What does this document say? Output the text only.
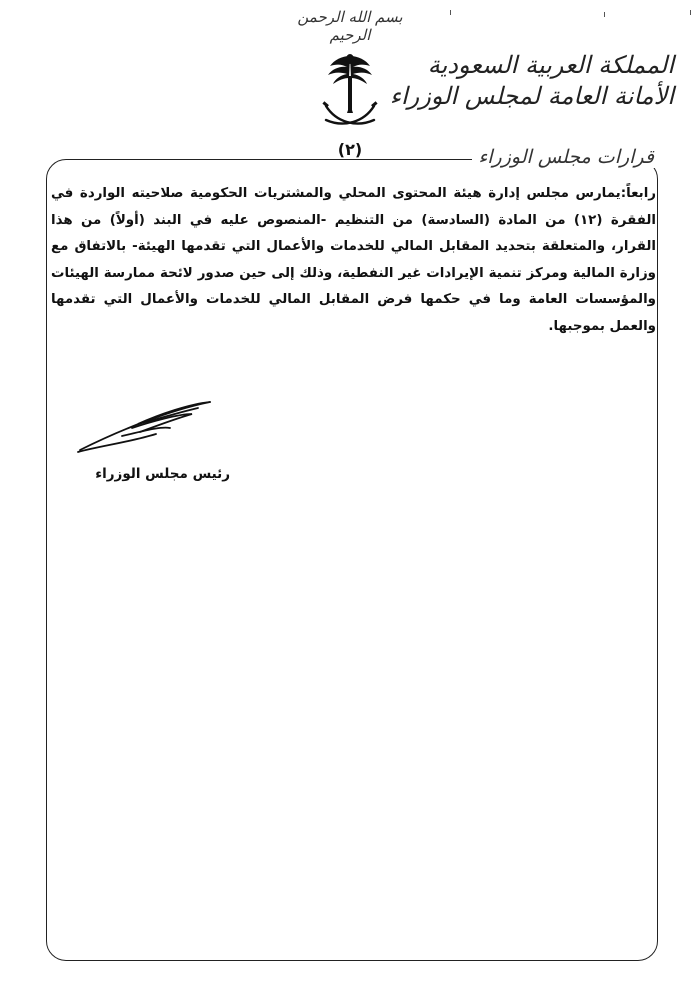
بسم الله الرحمن الرحيم
المملكة العربية السعودية
الأمانة العامة لمجلس الوزراء
(٢)	قرارات مجلس الوزراء

رابعاً:يمارس مجلس إدارة هيئة المحتوى المحلي والمشتريات الحكومية صلاحيته الواردة في الفقرة (١٢) من المادة (السادسة) من التنظيم -المنصوص عليه في البند (أولاً) من هذا القرار، والمتعلقة بتحديد المقابل المالي للخدمات والأعمال التي تقدمها الهيئة- بالاتفاق مع وزارة المالية ومركز تنمية الإيرادات غير النفطية، وذلك إلى حين صدور لائحة ممارسة الهيئات والمؤسسات العامة وما في حكمها فرض المقابل المالي للخدمات والأعمال التي تقدمها والعمل بموجبها.

رئيس مجلس الوزراء
